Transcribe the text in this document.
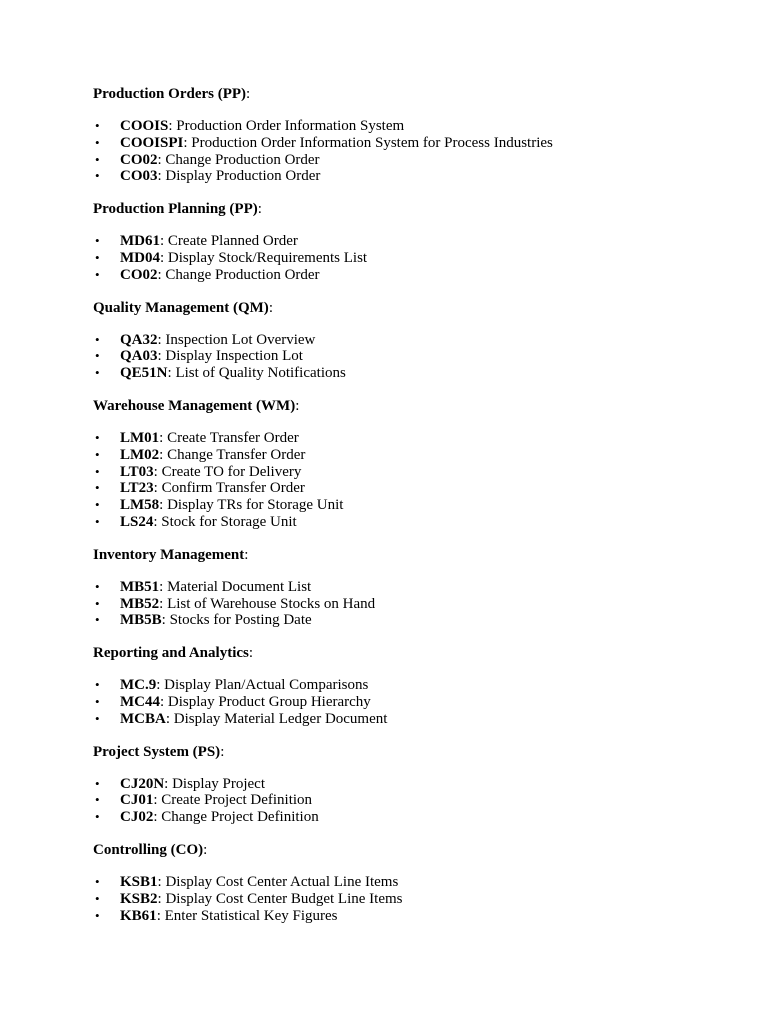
Production Orders (PP):

• COOIS: Production Order Information System
• COOISPI: Production Order Information System for Process Industries
• CO02: Change Production Order
• CO03: Display Production Order

Production Planning (PP):

• MD61: Create Planned Order
• MD04: Display Stock/Requirements List
• CO02: Change Production Order

Quality Management (QM):

• QA32: Inspection Lot Overview
• QA03: Display Inspection Lot
• QE51N: List of Quality Notifications

Warehouse Management (WM):

• LM01: Create Transfer Order
• LM02: Change Transfer Order
• LT03: Create TO for Delivery
• LT23: Confirm Transfer Order
• LM58: Display TRs for Storage Unit
• LS24: Stock for Storage Unit

Inventory Management:

• MB51: Material Document List
• MB52: List of Warehouse Stocks on Hand
• MB5B: Stocks for Posting Date

Reporting and Analytics:

• MC.9: Display Plan/Actual Comparisons
• MC44: Display Product Group Hierarchy
• MCBA: Display Material Ledger Document

Project System (PS):

• CJ20N: Display Project
• CJ01: Create Project Definition
• CJ02: Change Project Definition

Controlling (CO):

• KSB1: Display Cost Center Actual Line Items
• KSB2: Display Cost Center Budget Line Items
• KB61: Enter Statistical Key Figures
